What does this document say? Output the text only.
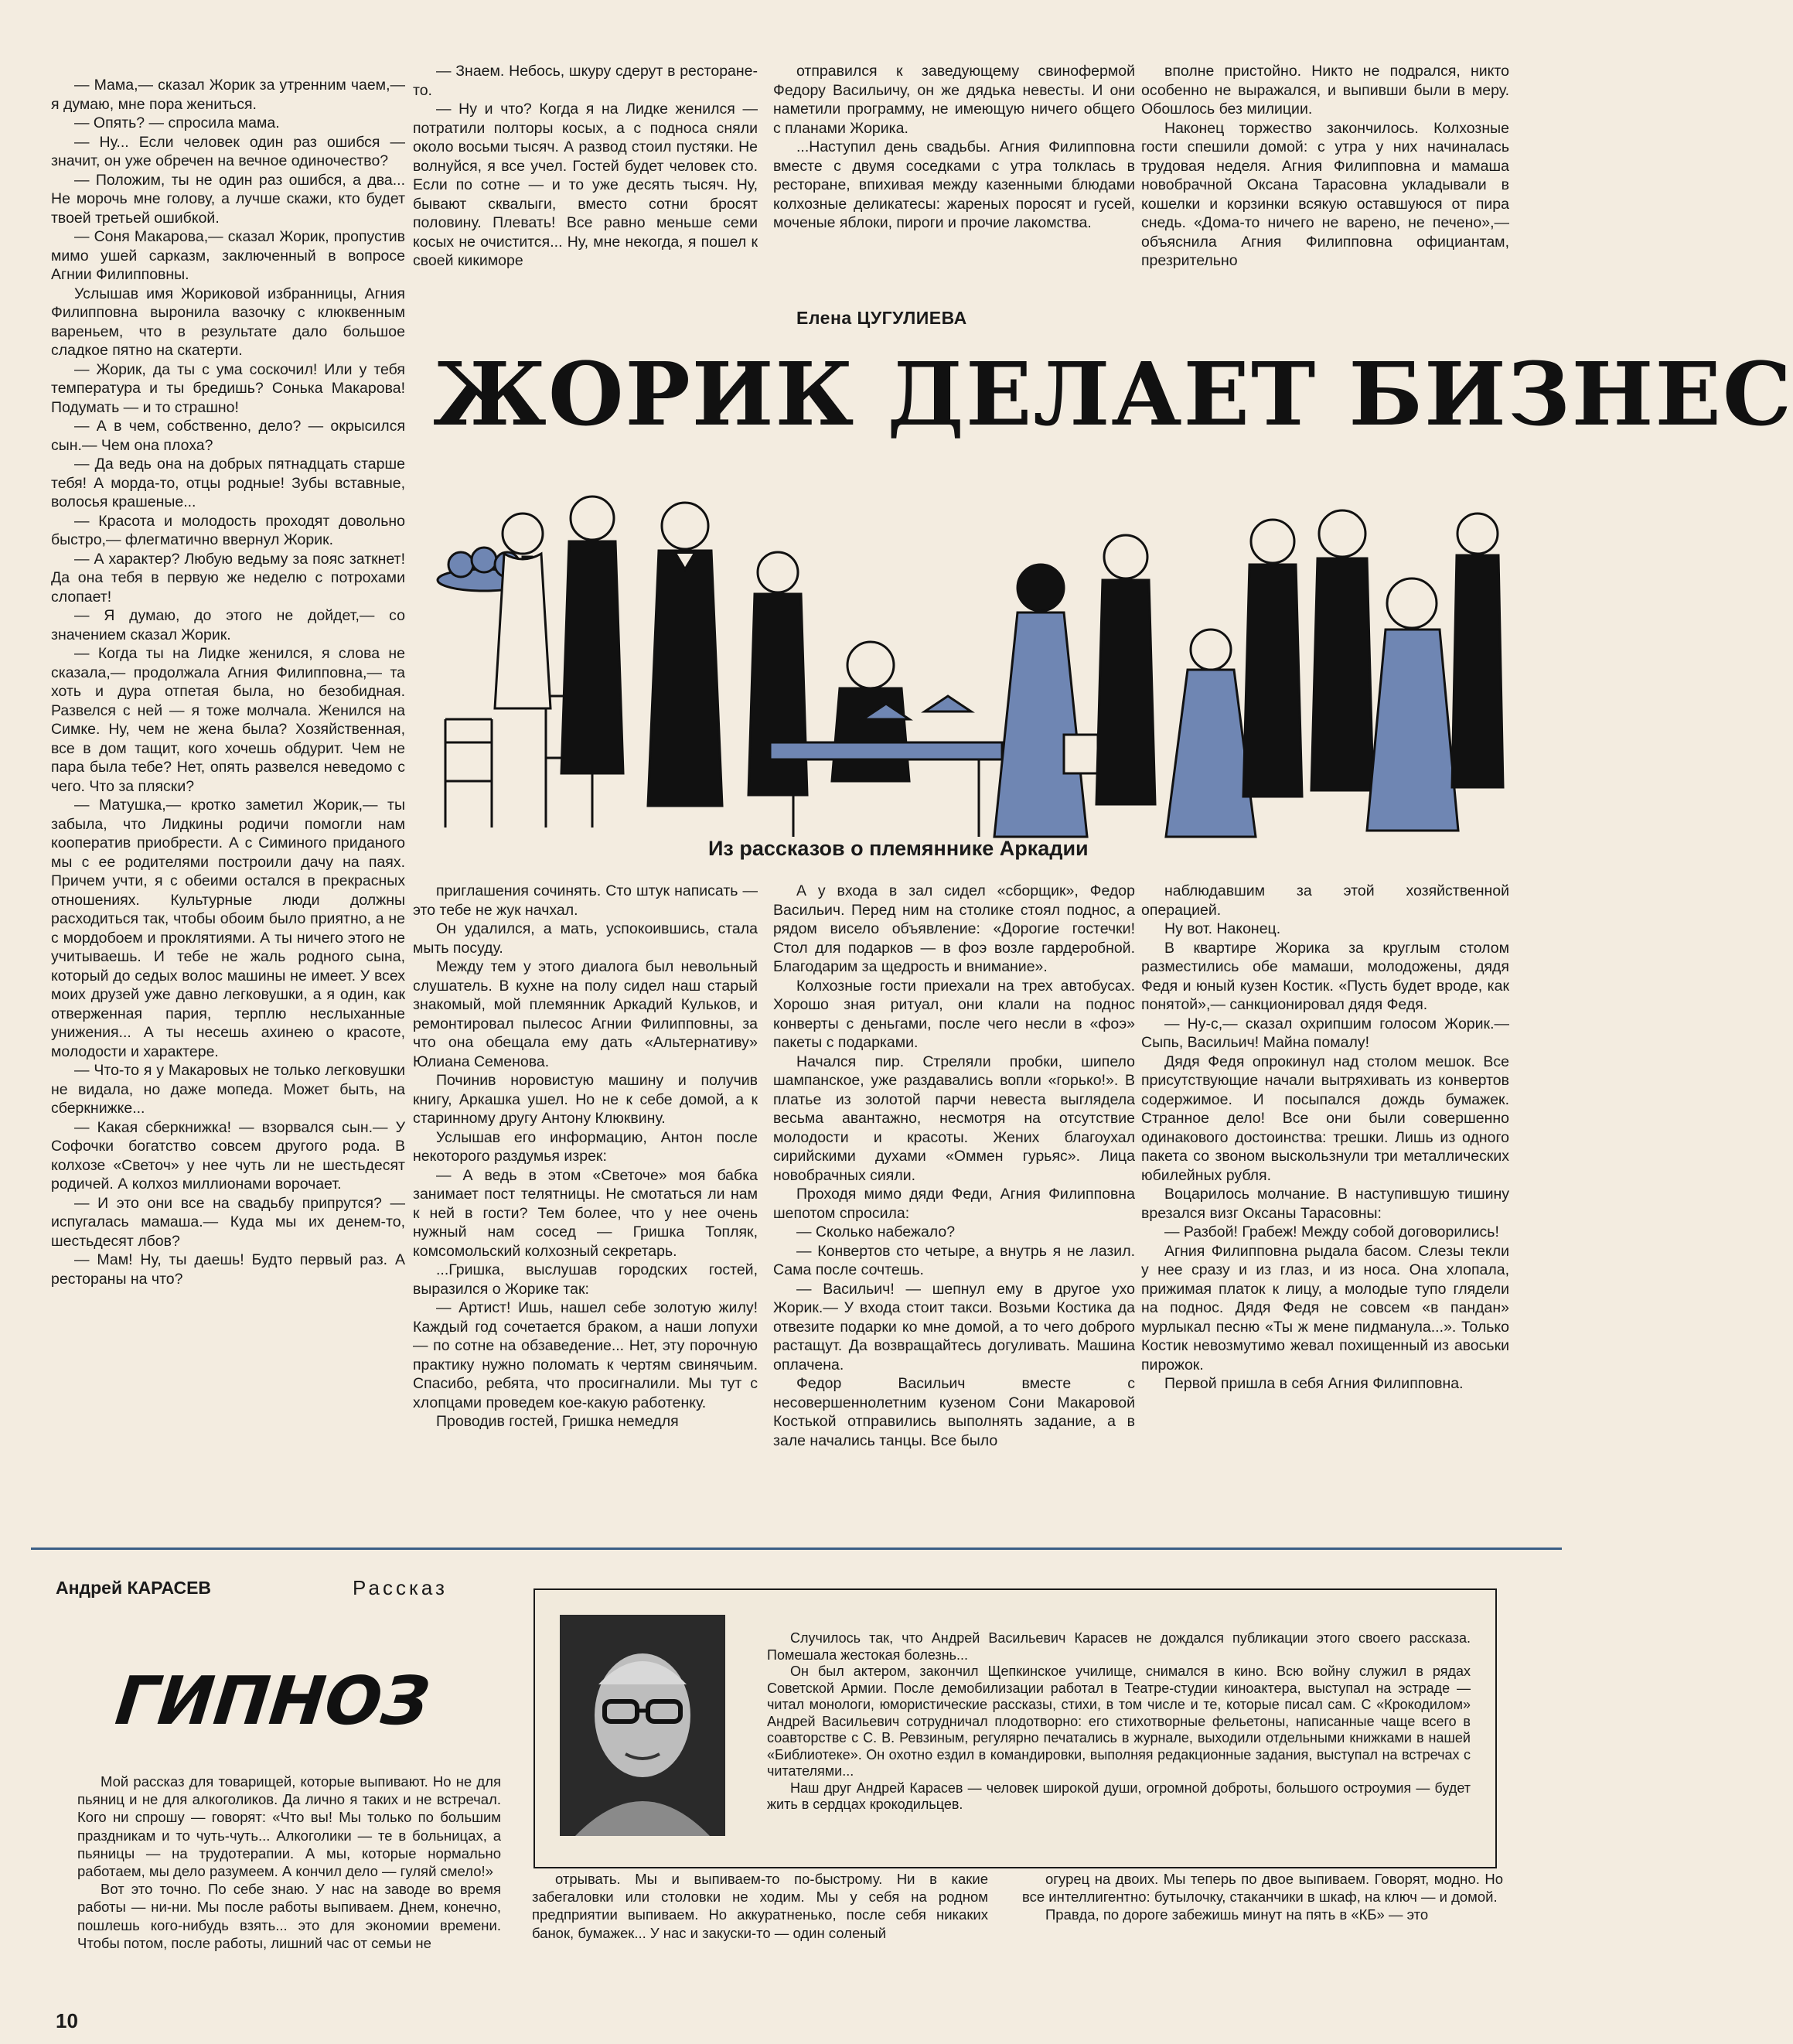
— Мама,— сказал Жорик за утренним чаем,— я думаю, мне пора жениться.

— Опять? — спросила мама.

— Ну... Если человек один раз ошибся — значит, он уже обречен на вечное одиночество?

— Положим, ты не один раз ошибся, а два... Не морочь мне голову, а лучше скажи, кто будет твоей третьей ошибкой.

— Соня Макарова,— сказал Жорик, пропустив мимо ушей сарказм, заключенный в вопросе Агнии Филипповны.

Услышав имя Жориковой избранницы, Агния Филипповна выронила вазочку с клюквенным вареньем, что в результате дало большое сладкое пятно на скатерти.

— Жорик, да ты с ума соскочил! Или у тебя температура и ты бредишь? Сонька Макарова! Подумать — и то страшно!

— А в чем, собственно, дело? — окрысился сын.— Чем она плоха?

— Да ведь она на добрых пятнадцать старше тебя! А морда-то, отцы родные! Зубы вставные, волосья крашеные...

— Красота и молодость проходят довольно быстро,— флегматично ввернул Жорик.

— А характер? Любую ведьму за пояс заткнет! Да она тебя в первую же неделю с потрохами слопает!

— Я думаю, до этого не дойдет,— со значением сказал Жорик.

— Когда ты на Лидке женился, я слова не сказала,— продолжала Агния Филипповна,— та хоть и дура отпетая была, но безобидная. Развелся с ней — я тоже молчала. Женился на Симке. Ну, чем не жена была? Хозяйственная, все в дом тащит, кого хочешь обдурит. Чем не пара была тебе? Нет, опять развелся неведомо с чего. Что за пляски?

— Матушка,— кротко заметил Жорик,— ты забыла, что Лидкины родичи помогли нам кооператив приобрести. А с Симиного приданого мы с ее родителями построили дачу на паях. Причем учти, я с обеими остался в прекрасных отношениях. Культурные люди должны расходиться так, чтобы обоим было приятно, а не с мордобоем и проклятиями. А ты ничего этого не учитываешь. И тебе не жаль родного сына, который до седых волос машины не имеет. У всех моих друзей уже давно легковушки, а я один, как отверженная пария, терплю неслыханные унижения... А ты несешь ахинею о красоте, молодости и характере.

— Что-то я у Макаровых не только легковушки не видала, но даже мопеда. Может быть, на сберкнижке...

— Какая сберкнижка! — взорвался сын.— У Софочки богатство совсем другого рода. В колхозе «Светоч» у нее чуть ли не шестьдесят родичей. А колхоз миллионами ворочает.

— И это они все на свадьбу припрутся? — испугалась мамаша.— Куда мы их денем-то, шестьдесят лбов?

— Мам! Ну, ты даешь! Будто первый раз. А рестораны на что?

— Знаем. Небось, шкуру сдерут в ресторане-то.

— Ну и что? Когда я на Лидке женился — потратили полторы косых, а с подноса сняли около восьми тысяч. А развод стоил пустяки. Не волнуйся, я все учел. Гостей будет человек сто. Если по сотне — и то уже десять тысяч. Ну, бывают сквалыги, вместо сотни бросят половину. Плевать! Все равно меньше семи косых не очистится... Ну, мне некогда, я пошел к своей кикиморе

отправился к заведующему свинофермой Федору Васильичу, он же дядька невесты. И они наметили программу, не имеющую ничего общего с планами Жорика.

...Наступил день свадьбы. Агния Филипповна вместе с двумя соседками с утра толклась в ресторане, впихивая между казенными блюдами колхозные деликатесы: жареных поросят и гусей, моченые яблоки, пироги и прочие лакомства.

вполне пристойно. Никто не подрался, никто особенно не выражался, и выпивши были в меру. Обошлось без милиции.

Наконец торжество закончилось. Колхозные гости спешили домой: с утра у них начиналась трудовая неделя. Агния Филипповна и мамаша новобрачной Оксана Тарасовна укладывали в кошелки и корзинки всякую оставшуюся от пира снедь. «Дома-то ничего не варено, не печено»,— объяснила Агния Филипповна официантам, презрительно

Елена ЦУГУЛИЕВА
ЖОРИК ДЕЛАЕТ БИЗНЕС
Из рассказов о племяннике Аркадии

приглашения сочинять. Сто штук написать — это тебе не жук начхал.

Он удалился, а мать, успокоившись, стала мыть посуду.

Между тем у этого диалога был невольный слушатель. В кухне на полу сидел наш старый знакомый, мой племянник Аркадий Кульков, и ремонтировал пылесос Агнии Филипповны, за что она обещала ему дать «Альтернативу» Юлиана Семенова.

Починив норовистую машину и получив книгу, Аркашка ушел. Но не к себе домой, а к старинному другу Антону Клюквину.

Услышав его информацию, Антон после некоторого раздумья изрек:

— А ведь в этом «Светоче» моя бабка занимает пост телятницы. Не смотаться ли нам к ней в гости? Тем более, что у нее очень нужный нам сосед — Гришка Топляк, комсомольский колхозный секретарь.

...Гришка, выслушав городских гостей, выразился о Жорике так:

— Артист! Ишь, нашел себе золотую жилу! Каждый год сочетается браком, а наши лопухи — по сотне на обзаведение... Нет, эту порочную практику нужно поломать к чертям свинячьим. Спасибо, ребята, что просигналили. Мы тут с хлопцами проведем кое-какую работенку.

Проводив гостей, Гришка немедля

А у входа в зал сидел «сборщик», Федор Васильич. Перед ним на столике стоял поднос, а рядом висело объявление: «Дорогие гостечки! Стол для подарков — в фоэ возле гардеробной. Благодарим за щедрость и внимание».

Колхозные гости приехали на трех автобусах. Хорошо зная ритуал, они клали на поднос конверты с деньгами, после чего несли в «фоэ» пакеты с подарками.

Начался пир. Стреляли пробки, шипело шампанское, уже раздавались вопли «горько!». В платье из золотой парчи невеста выглядела весьма авантажно, несмотря на отсутствие молодости и красоты. Жених благоухал сирийскими духами «Оммен гурьяс». Лица новобрачных сияли.

Проходя мимо дяди Феди, Агния Филипповна шепотом спросила:

— Сколько набежало?

— Конвертов сто четыре, а внутрь я не лазил. Сама после сочтешь.

— Васильич! — шепнул ему в другое ухо Жорик.— У входа стоит такси. Возьми Костика да отвезите подарки ко мне домой, а то чего доброго растащут. Да возвращайтесь догуливать. Машина оплачена.

Федор Васильич вместе с несовершеннолетним кузеном Сони Макаровой Костькой отправились выполнять задание, а в зале начались танцы. Все было

наблюдавшим за этой хозяйственной операцией.

Ну вот. Наконец.

В квартире Жорика за круглым столом разместились обе мамаши, молодожены, дядя Федя и юный кузен Костик. «Пусть будет вроде, как понятой»,— санкционировал дядя Федя.

— Ну-с,— сказал охрипшим голосом Жорик.— Сыпь, Васильич! Майна помалу!

Дядя Федя опрокинул над столом мешок. Все присутствующие начали вытряхивать из конвертов содержимое. И посыпался дождь бумажек. Странное дело! Все они были совершенно одинакового достоинства: трешки. Лишь из одного пакета со звоном выскользнули три металлических юбилейных рубля.

Воцарилось молчание. В наступившую тишину врезался визг Оксаны Тарасовны:

— Разбой! Грабеж! Между собой договорились!

Агния Филипповна рыдала басом. Слезы текли у нее сразу и из глаз, и из носа. Она хлопала, прижимая платок к лицу, а молодые тупо глядели на поднос. Дядя Федя не совсем «в пандан» мурлыкал песню «Ты ж мене пидманула...». Только Костик невозмутимо жевал похищенный из авоськи пирожок.

Первой пришла в себя Агния Филипповна.

Андрей КАРАСЕВ	Рассказ
ГИПНОЗ

Случилось так, что Андрей Васильевич Карасев не дождался публикации этого своего рассказа. Помешала жестокая болезнь...

Он был актером, закончил Щепкинское училище, снимался в кино. Всю войну служил в рядах Советской Армии. После демобилизации работал в Театре-студии киноактера, выступал на эстраде — читал монологи, юмористические рассказы, стихи, в том числе и те, которые писал сам. С «Крокодилом» Андрей Васильевич сотрудничал плодотворно: его стихотворные фельетоны, написанные чаще всего в соавторстве с С. В. Ревзиным, регулярно печатались в журнале, выходили отдельными книжками в нашей «Библиотеке». Он охотно ездил в командировки, выполняя редакционные задания, выступал на встречах с читателями...

Наш друг Андрей Карасев — человек широкой души, огромной доброты, большого остроумия — будет жить в сердцах крокодильцев.

Мой рассказ для товарищей, которые выпивают. Но не для пьяниц и не для алкоголиков. Да лично я таких и не встречал. Кого ни спрошу — говорят: «Что вы! Мы только по большим праздникам и то чуть-чуть... Алкоголики — те в больницах, а пьяницы — на трудотерапии. А мы, которые нормально работаем, мы дело разумеем. А кончил дело — гуляй смело!»

Вот это точно. По себе знаю. У нас на заводе во время работы — ни-ни. Мы после работы выпиваем. Днем, конечно, пошлешь кого-нибудь взять... это для экономии времени. Чтобы потом, после работы, лишний час от семьи не

отрывать. Мы и выпиваем-то по-быстрому. Ни в какие забегаловки или столовки не ходим. Мы у себя на родном предприятии выпиваем. Но аккуратненько, после себя никаких банок, бумажек... У нас и закуски-то — один соленый

огурец на двоих. Мы теперь по двое выпиваем. Говорят, модно. Но все интеллигентно: бутылочку, стаканчики в шкаф, на ключ — и домой.

Правда, по дороге забежишь минут на пять в «КБ» — это

10
